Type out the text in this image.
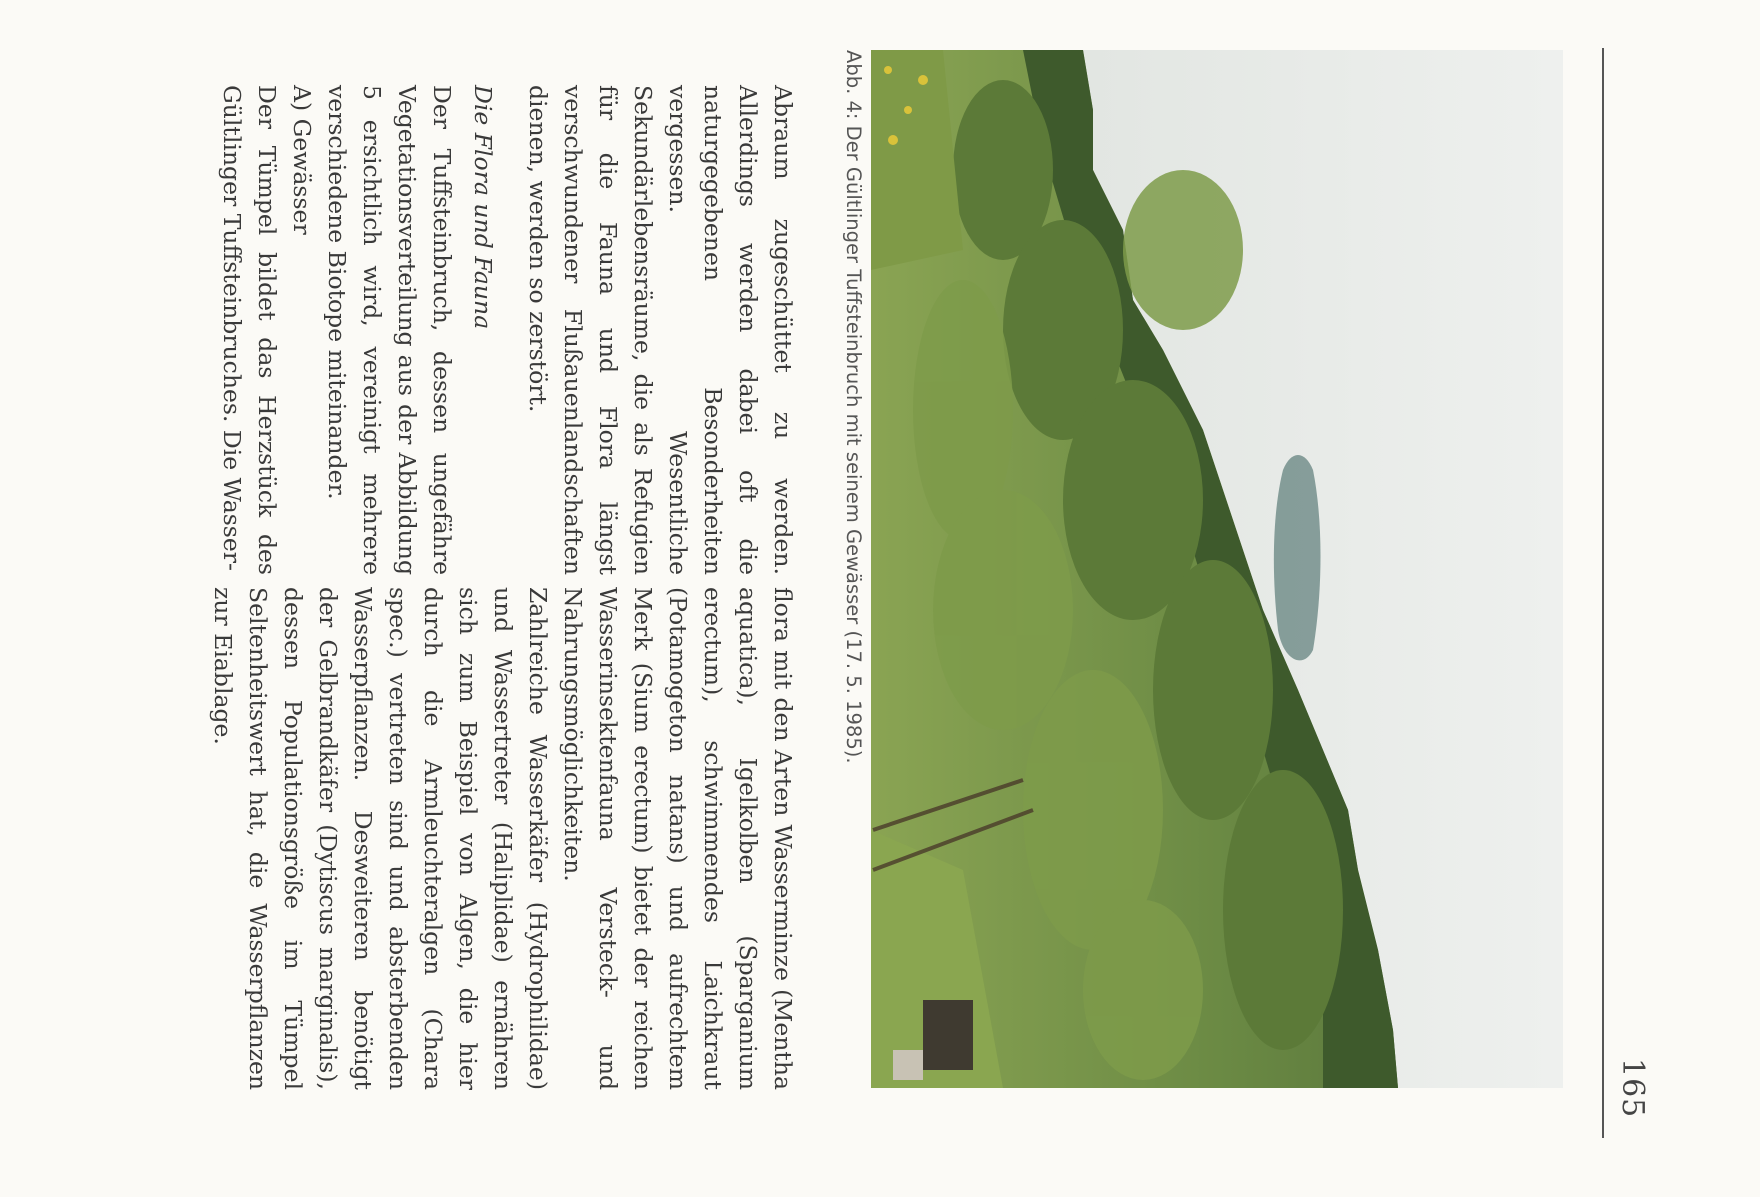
165
Abb. 4: Der Gültlinger Tuffsteinbruch mit seinem Gewässer (17. 5. 1985).

Abraum zugeschüttet zu werden. Allerdings werden dabei oft die naturgegebenen Besonderheiten vergessen. Wesentliche Sekundärlebensräume, die als Refugien für die Fauna und Flora längst verschwundener Flußauenlandschaften dienen, werden so zerstört.

Die Flora und Fauna

Der Tuffsteinbruch, dessen ungefähre Vegetationsverteilung aus der Abbildung 5 ersichtlich wird, vereinigt mehrere verschiedene Biotope miteinander.

A) Gewässer

Der Tümpel bildet das Herzstück des Gültlinger Tuffsteinbruches. Die Wasser-

flora mit den Arten Wasserminze (Mentha aquatica), Igelkolben (Sparganium erectum), schwimmendes Laichkraut (Potamogeton natans) und aufrechtem Merk (Sium erectum) bietet der reichen Wasserinsektenfauna Versteck- und Nahrungsmöglichkeiten.

Zahlreiche Wasserkäfer (Hydrophilidae) und Wassertreter (Haliplidae) ernähren sich zum Beispiel von Algen, die hier durch die Armleuchteralgen (Chara spec.) vertreten sind und absterbenden Wasserpflanzen. Desweiteren benötigt der Gelbrandkäfer (Dytiscus marginalis), dessen Populationsgröße im Tümpel Seltenheitswert hat, die Wasserpflanzen zur Eiablage.
